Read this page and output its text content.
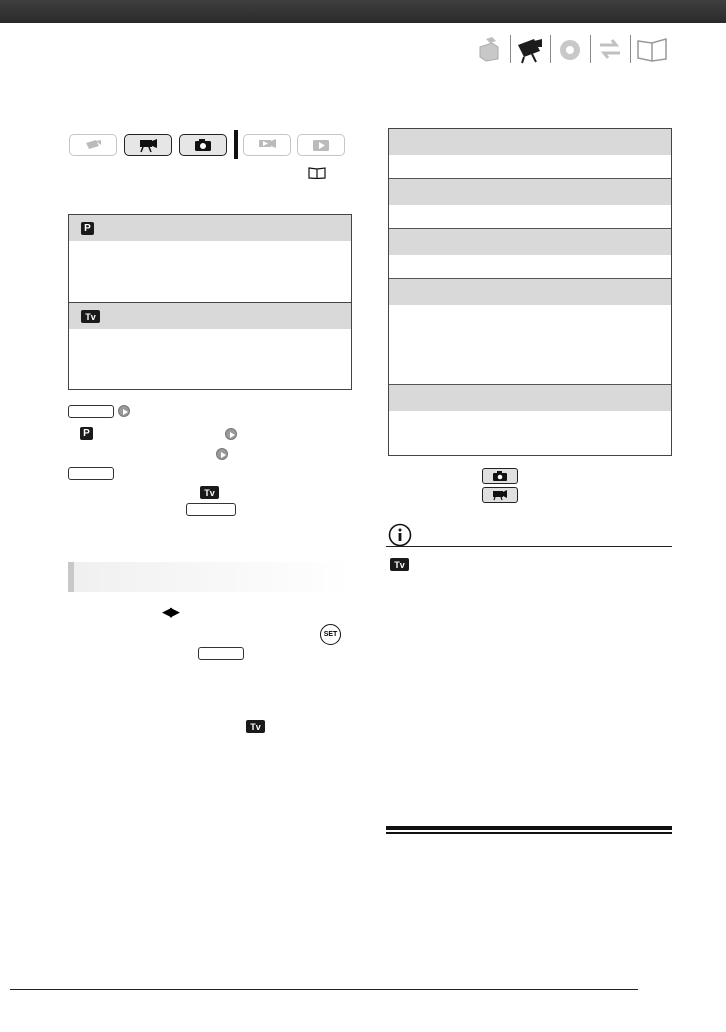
P
Tv
P
Tv
◀▶
SET
Tv
Tv
